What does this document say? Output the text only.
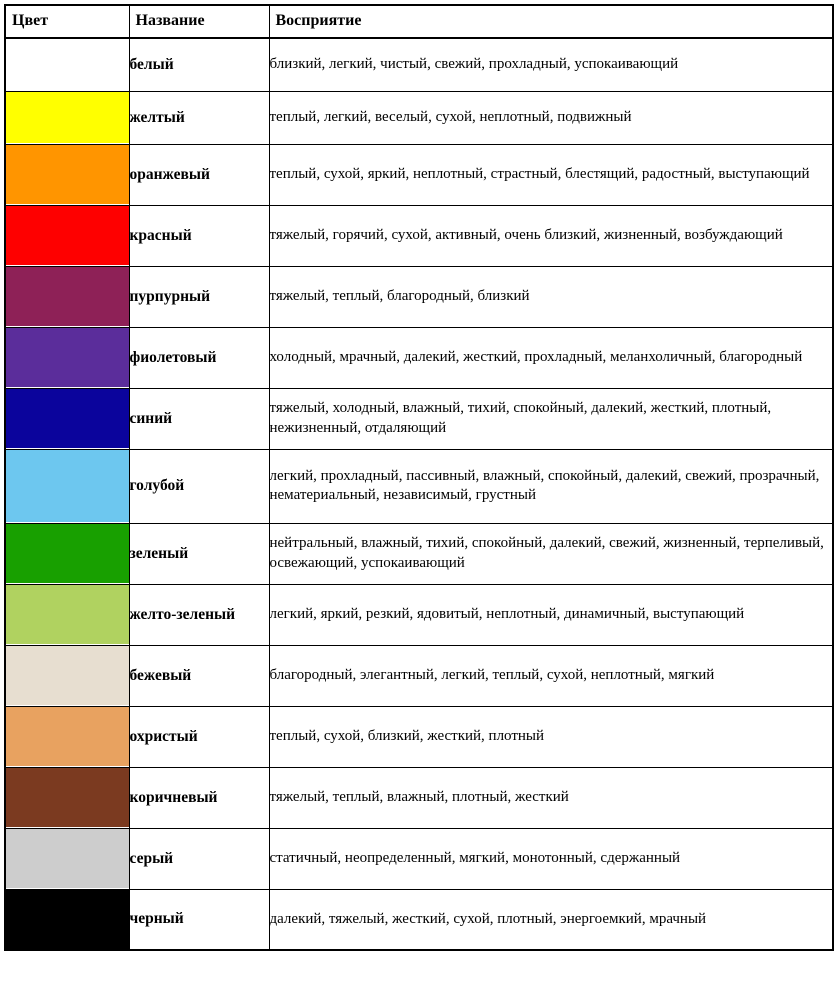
Цвет	Название	Восприятие

	белый	близкий, легкий, чистый, свежий, прохладный, успокаивающий

	желтый	теплый, легкий, веселый, сухой, неплотный, подвижный

	оранжевый	теплый, сухой, яркий, неплотный, страстный, блестящий, радостный, выступающий

	красный	тяжелый, горячий, сухой, активный, очень близкий, жизненный, возбуждающий

	пурпурный	тяжелый, теплый, благородный, близкий

	фиолетовый	холодный, мрачный, далекий, жесткий, прохладный, меланхоличный, благородный

	синий	тяжелый, холодный, влажный, тихий, спокойный, далекий, жесткий, плотный, нежизненный, отдаляющий

	голубой	легкий, прохладный, пассивный, влажный, спокойный, далекий, свежий, прозрачный, нематериальный, независимый, грустный

	зеленый	нейтральный, влажный, тихий, спокойный, далекий, свежий, жизненный, терпеливый, освежающий, успокаивающий

	желто-зеленый	легкий, яркий, резкий, ядовитый, неплотный, динамичный, выступающий

	бежевый	благородный, элегантный, легкий, теплый, сухой, неплотный, мягкий

	охристый	теплый, сухой, близкий, жесткий, плотный

	коричневый	тяжелый, теплый, влажный, плотный, жесткий

	серый	статичный, неопределенный, мягкий, монотонный, сдержанный

	черный	далекий, тяжелый, жесткий, сухой, плотный, энергоемкий, мрачный
